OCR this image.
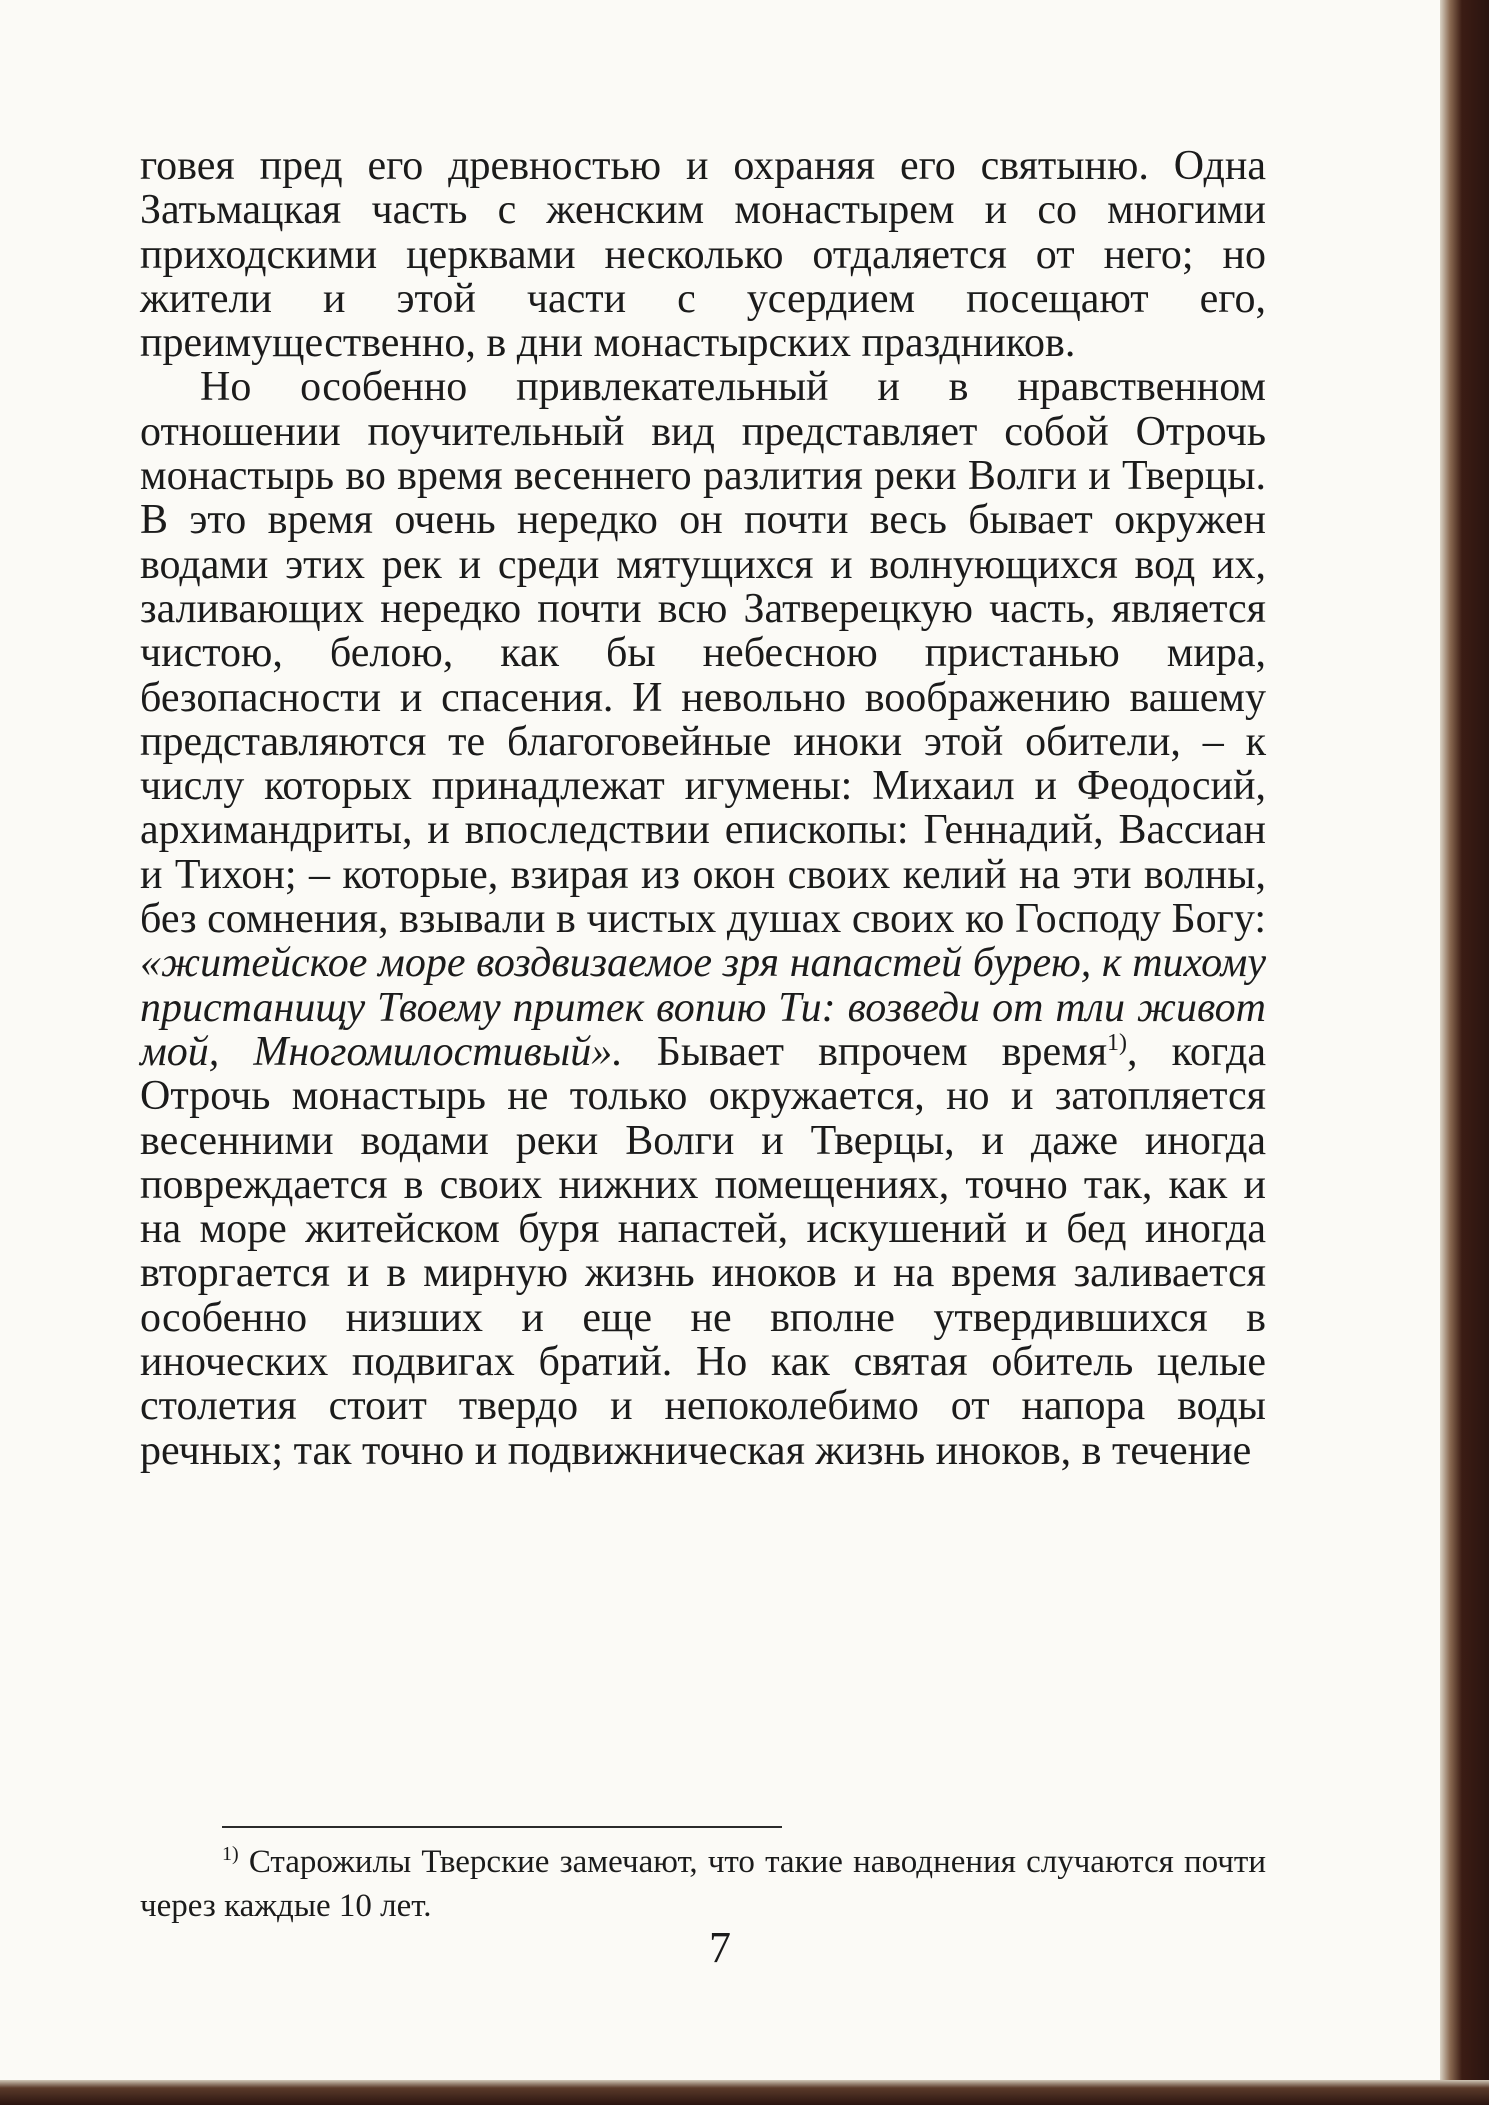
говея пред его древностью и охраняя его святыню. Одна Затьмацкая часть с женским монастырем и со многими приходскими церквами несколько отдаляется от него; но жители и этой части с усердием посещают его, преимущественно, в дни монастырских праздников.

Но особенно привлекательный и в нравственном отношении поучительный вид представляет собой Отрочь монастырь во время весеннего разлития реки Волги и Тверцы. В это время очень нередко он почти весь бывает окружен водами этих рек и среди мятущихся и волнующихся вод их, заливающих нередко почти всю Затверецкую часть, является чистою, белою, как бы небесною пристанью мира, безопасности и спасения. И невольно воображению вашему представляются те благоговейные иноки этой обители, – к числу которых принадлежат игумены: Михаил и Феодосий, архимандриты, и впоследствии епископы: Геннадий, Вассиан и Тихон; – которые, взирая из окон своих келий на эти волны, без сомнения, взывали в чистых душах своих ко Господу Богу: «житейское море воздвизаемое зря напастей бурею, к тихому пристанищу Твоему притек вопию Ти: возведи от тли живот мой, Многомилостивый». Бывает впрочем время$^{1)}$, когда Отрочь монастырь не только окружается, но и затопляется весенними водами реки Волги и Тверцы, и даже иногда повреждается в своих нижних помещениях, точно так, как и на море житейском буря напастей, искушений и бед иногда вторгается и в мирную жизнь иноков и на время заливается особенно низших и еще не вполне утвердившихся в иноческих подвигах братий. Но как святая обитель целые столетия стоит твердо и непоколебимо от напора воды речных; так точно и подвижническая жизнь иноков, в течение

$^{1)}$ Старожилы Тверские замечают, что такие наводнения случаются почти через каждые 10 лет.
7
